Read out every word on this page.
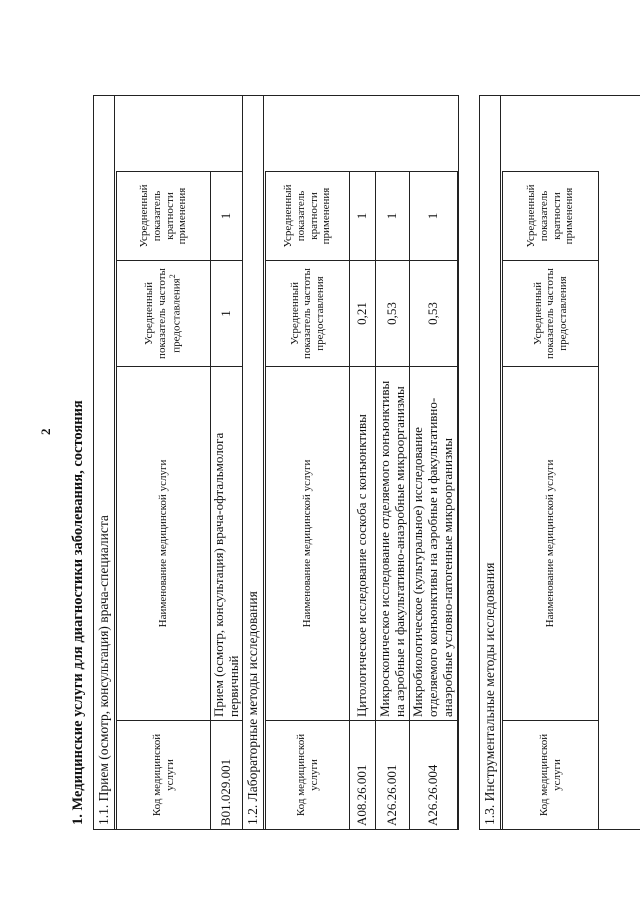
2 1. Медицинские услуги для диагностики заболевания, состояния 1.1. Прием (осмотр, консультация) врача-специалиста	Код медицинской услуги	Наименование медицинской услуги	Усредненный показатель частоты предоставления$^2$	Усредненный показатель кратности применения
B01.029.001	Прием (осмотр, консультация) врача-офтальмолога первичный	1	1
1.2. Лабораторные методы исследования	Код медицинской услуги	Наименование медицинской услуги	Усредненный показатель частоты предоставления	Усредненный показатель кратности применения
A08.26.001	Цитологическое исследование соскоба с конъюнктивы	0,21	1
A26.26.001	Микроскопическое исследование отделяемого конъюнктивы на аэробные и факультативно-анаэробные микроорганизмы	0,53	1
A26.26.004	Микробиологическое (культуральное) исследование отделяемого конъюнктивы на аэробные и факультативно-анаэробные условно-патогенные микроорганизмы	0,53	1
1.3. Инструментальные методы исследования	Код медицинской услуги	Наименование медицинской услуги	Усредненный показатель частоты предоставления	Усредненный показатель кратности применения
